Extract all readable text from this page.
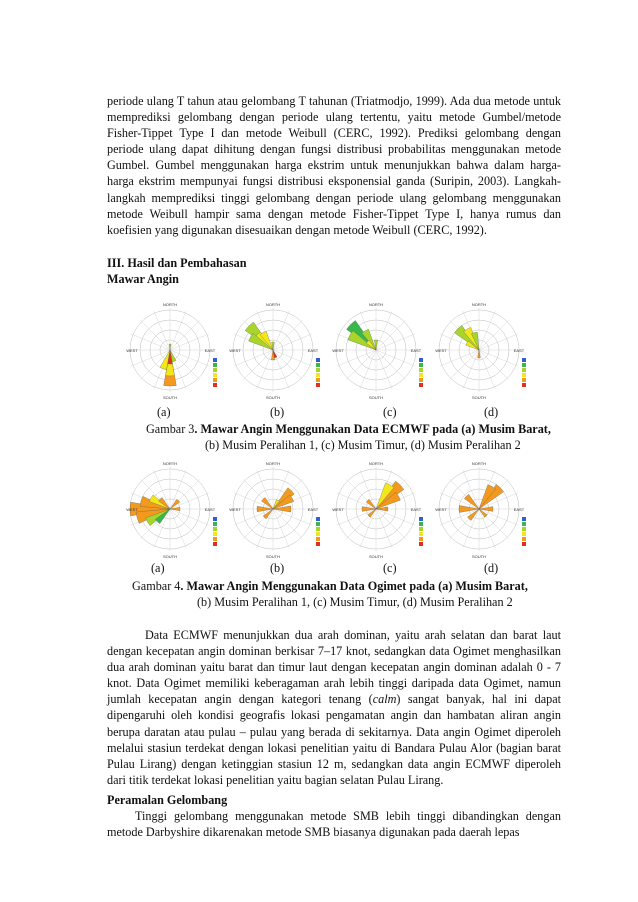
periode ulang T tahun atau gelombang T tahunan (Triatmodjo, 1999). Ada dua metode untuk memprediksi gelombang dengan periode ulang tertentu, yaitu metode Gumbel/metode Fisher-Tippet Type I dan metode Weibull (CERC, 1992). Prediksi gelombang dengan periode ulang dapat dihitung dengan fungsi distribusi probabilitas menggunakan metode Gumbel. Gumbel menggunakan harga ekstrim untuk menunjukkan bahwa dalam harga-harga ekstrim mempunyai fungsi distribusi eksponensial ganda (Suripin, 2003). Langkah-langkah memprediksi tinggi gelombang dengan periode ulang gelombang menggunakan metode Weibull hampir sama dengan metode Fisher-Tippet Type I, hanya rumus dan koefisien yang digunakan disesuaikan dengan metode Weibull (CERC, 1992).

III. Hasil dan Pembahasan

Mawar Angin

NORTH
SOUTH
EAST
WEST
NORTH
SOUTH
EAST
WEST
NORTH
SOUTH
EAST
WEST
NORTH
SOUTH
EAST
WEST
(a)	(b)	(c)	(d)
Gambar 3. Mawar Angin Menggunakan Data ECMWF pada (a) Musim Barat,
(b) Musim Peralihan 1, (c) Musim Timur, (d) Musim Peralihan 2
NORTH
SOUTH
EAST
WEST
NORTH
SOUTH
EAST
WEST
NORTH
SOUTH
EAST
WEST
NORTH
SOUTH
EAST
WEST
(a)	(b)	(c)	(d)
Gambar 4. Mawar Angin Menggunakan Data Ogimet pada (a) Musim Barat,
(b) Musim Peralihan 1, (c) Musim Timur, (d) Musim Peralihan 2

Data ECMWF menunjukkan dua arah dominan, yaitu arah selatan dan barat laut dengan kecepatan angin dominan berkisar 7–17 knot, sedangkan data Ogimet menghasilkan dua arah dominan yaitu barat dan timur laut dengan kecepatan angin dominan adalah 0 - 7 knot. Data Ogimet memiliki keberagaman arah lebih tinggi daripada data Ogimet, namun jumlah kecepatan angin dengan kategori tenang (calm) sangat banyak, hal ini dapat dipengaruhi oleh kondisi geografis lokasi pengamatan angin dan hambatan aliran angin berupa daratan atau pulau – pulau yang berada di sekitarnya. Data angin Ogimet diperoleh melalui stasiun terdekat dengan lokasi penelitian yaitu di Bandara Pulau Alor (bagian barat Pulau Lirang) dengan ketinggian stasiun 12 m, sedangkan data angin ECMWF diperoleh dari titik terdekat lokasi penelitian yaitu bagian selatan Pulau Lirang.

Peramalan Gelombang

Tinggi gelombang menggunakan metode SMB lebih tinggi dibandingkan dengan metode Darbyshire dikarenakan metode SMB biasanya digunakan pada daerah lepas
